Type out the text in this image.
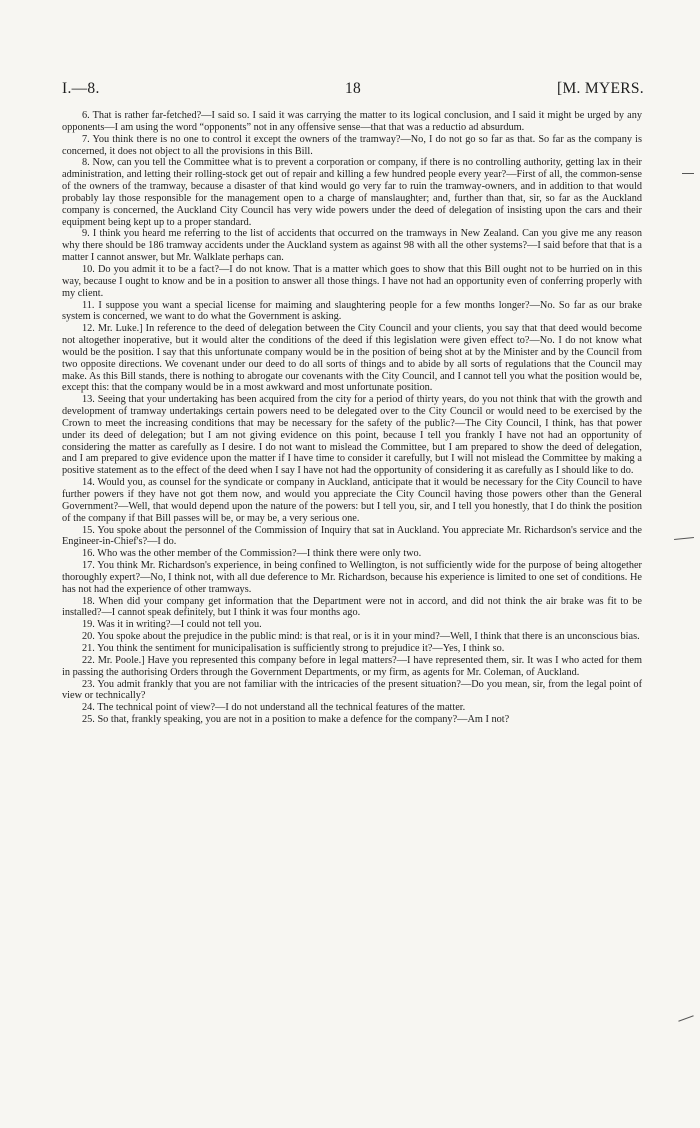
I.—8.	18	[M. MYERS.

6. That is rather far-fetched?—I said so. I said it was carrying the matter to its logical conclusion, and I said it might be urged by any opponents—I am using the word “opponents” not in any offensive sense—that that was a reductio ad absurdum.

7. You think there is no one to control it except the owners of the tramway?—No, I do not go so far as that. So far as the company is concerned, it does not object to all the provisions in this Bill.

8. Now, can you tell the Committee what is to prevent a corporation or company, if there is no controlling authority, getting lax in their administration, and letting their rolling-stock get out of repair and killing a few hundred people every year?—First of all, the common-sense of the owners of the tramway, because a disaster of that kind would go very far to ruin the tramway-owners, and in addition to that would probably lay those responsible for the management open to a charge of manslaughter; and, further than that, sir, so far as the Auckland company is concerned, the Auckland City Council has very wide powers under the deed of delegation of insisting upon the cars and their equipment being kept up to a proper standard.

9. I think you heard me referring to the list of accidents that occurred on the tramways in New Zealand. Can you give me any reason why there should be 186 tramway accidents under the Auckland system as against 98 with all the other systems?—I said before that that is a matter I cannot answer, but Mr. Walklate perhaps can.

10. Do you admit it to be a fact?—I do not know. That is a matter which goes to show that this Bill ought not to be hurried on in this way, because I ought to know and be in a position to answer all those things. I have not had an opportunity even of conferring properly with my client.

11. I suppose you want a special license for maiming and slaughtering people for a few months longer?—No. So far as our brake system is concerned, we want to do what the Government is asking.

12. Mr. Luke.] In reference to the deed of delegation between the City Council and your clients, you say that that deed would become not altogether inoperative, but it would alter the conditions of the deed if this legislation were given effect to?—No. I do not know what would be the position. I say that this unfortunate company would be in the position of being shot at by the Minister and by the Council from two opposite directions. We covenant under our deed to do all sorts of things and to abide by all sorts of regulations that the Council may make. As this Bill stands, there is nothing to abrogate our covenants with the City Council, and I cannot tell you what the position would be, except this: that the company would be in a most awkward and most unfortunate position.

13. Seeing that your undertaking has been acquired from the city for a period of thirty years, do you not think that with the growth and development of tramway undertakings certain powers need to be delegated over to the City Council or would need to be exercised by the Crown to meet the increasing conditions that may be necessary for the safety of the public?—The City Council, I think, has that power under its deed of delegation; but I am not giving evidence on this point, because I tell you frankly I have not had an opportunity of considering the matter as carefully as I desire. I do not want to mislead the Committee, but I am prepared to show the deed of delegation, and I am prepared to give evidence upon the matter if I have time to consider it carefully, but I will not mislead the Committee by making a positive statement as to the effect of the deed when I say I have not had the opportunity of considering it as carefully as I should like to do.

14. Would you, as counsel for the syndicate or company in Auckland, anticipate that it would be necessary for the City Council to have further powers if they have not got them now, and would you appreciate the City Council having those powers other than the General Government?—Well, that would depend upon the nature of the powers: but I tell you, sir, and I tell you honestly, that I do think the position of the company if that Bill passes will be, or may be, a very serious one.

15. You spoke about the personnel of the Commission of Inquiry that sat in Auckland. You appreciate Mr. Richardson's service and the Engineer-in-Chief's?—I do.

16. Who was the other member of the Commission?—I think there were only two.

17. You think Mr. Richardson's experience, in being confined to Wellington, is not sufficiently wide for the purpose of being altogether thoroughly expert?—No, I think not, with all due deference to Mr. Richardson, because his experience is limited to one set of conditions. He has not had the experience of other tramways.

18. When did your company get information that the Department were not in accord, and did not think the air brake was fit to be installed?—I cannot speak definitely, but I think it was four months ago.

19. Was it in writing?—I could not tell you.

20. You spoke about the prejudice in the public mind: is that real, or is it in your mind?—Well, I think that there is an unconscious bias.

21. You think the sentiment for municipalisation is sufficiently strong to prejudice it?—Yes, I think so.

22. Mr. Poole.] Have you represented this company before in legal matters?—I have represented them, sir. It was I who acted for them in passing the authorising Orders through the Government Departments, or my firm, as agents for Mr. Coleman, of Auckland.

23. You admit frankly that you are not familiar with the intricacies of the present situation?—Do you mean, sir, from the legal point of view or technically?

24. The technical point of view?—I do not understand all the technical features of the matter.

25. So that, frankly speaking, you are not in a position to make a defence for the company?—Am I not?
